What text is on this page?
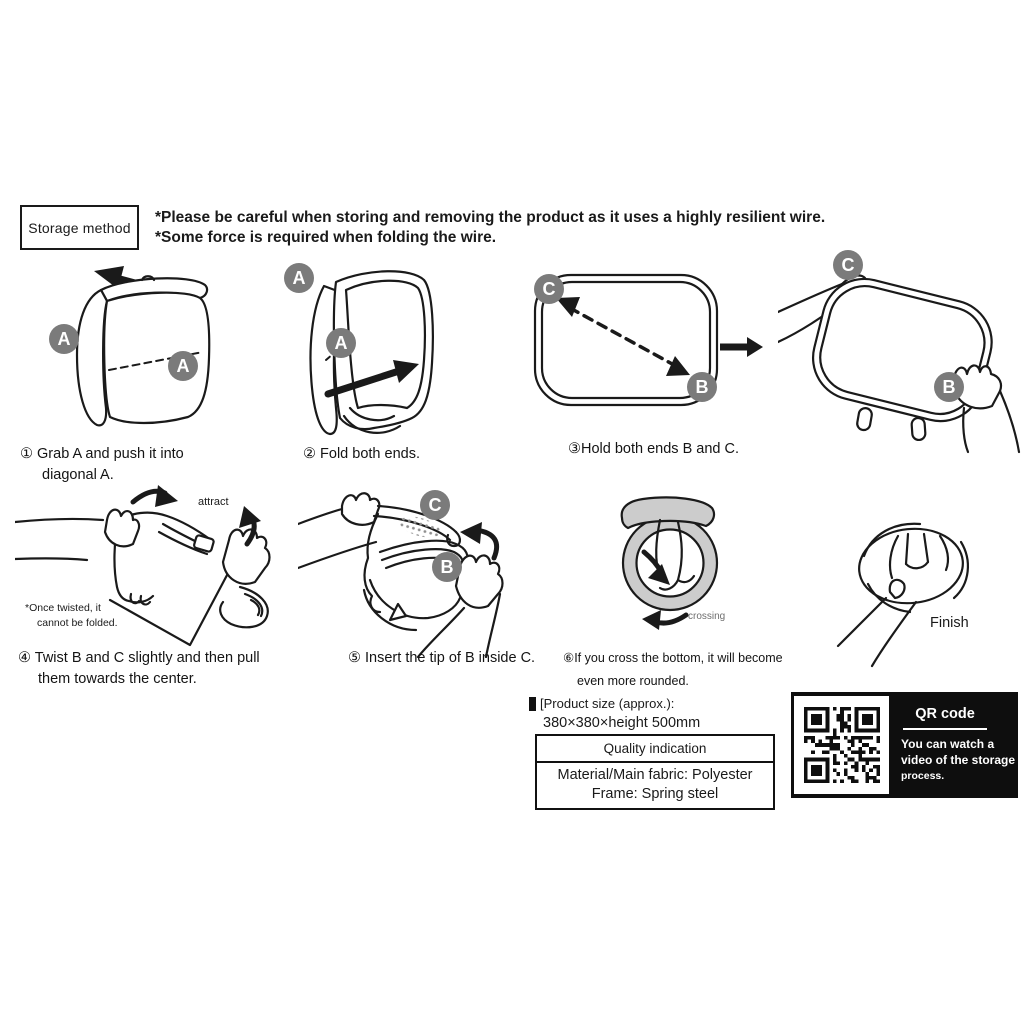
Storage method
*Please be careful when storing and removing the product as it uses a highly resilient wire.
*Some force is required when folding the wire.
A
A
A
A
C
B
C
B
C
B
① Grab A and push it into
diagonal A.
② Fold both ends.	③Hold both ends B and C.
attract
*Once twisted, it
cannot be folded.
④ Twist B and C slightly and then pull
them towards the center.
⑤ Insert the tip of B inside C.
crossing
⑥If you cross the bottom, it will become
even more rounded.
Finish
[Product size (approx.):
380×380×height 500mm
Quality indication
Material/Main fabric: Polyester
Frame: Spring steel
QR code
You can watch a
video of the storage
process.
